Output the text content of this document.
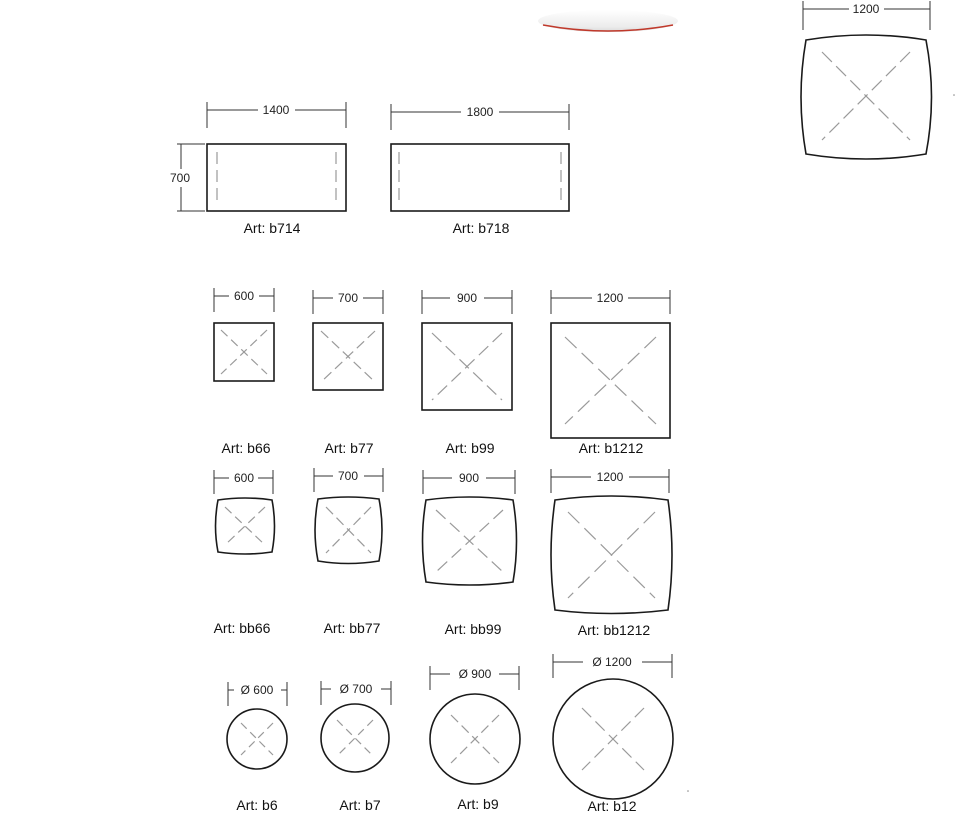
1200
700
1400
Art: b714
1800
Art: b718
600
Art: b66
700
Art: b77
900
Art: b99
1200
Art: b1212
600
Art: bb66
700
Art: bb77
900
Art: bb99
1200
Art: bb1212
Ø 600
Art: b6
Ø 700
Art: b7
Ø 900
Art: b9
Ø 1200
Art: b12
